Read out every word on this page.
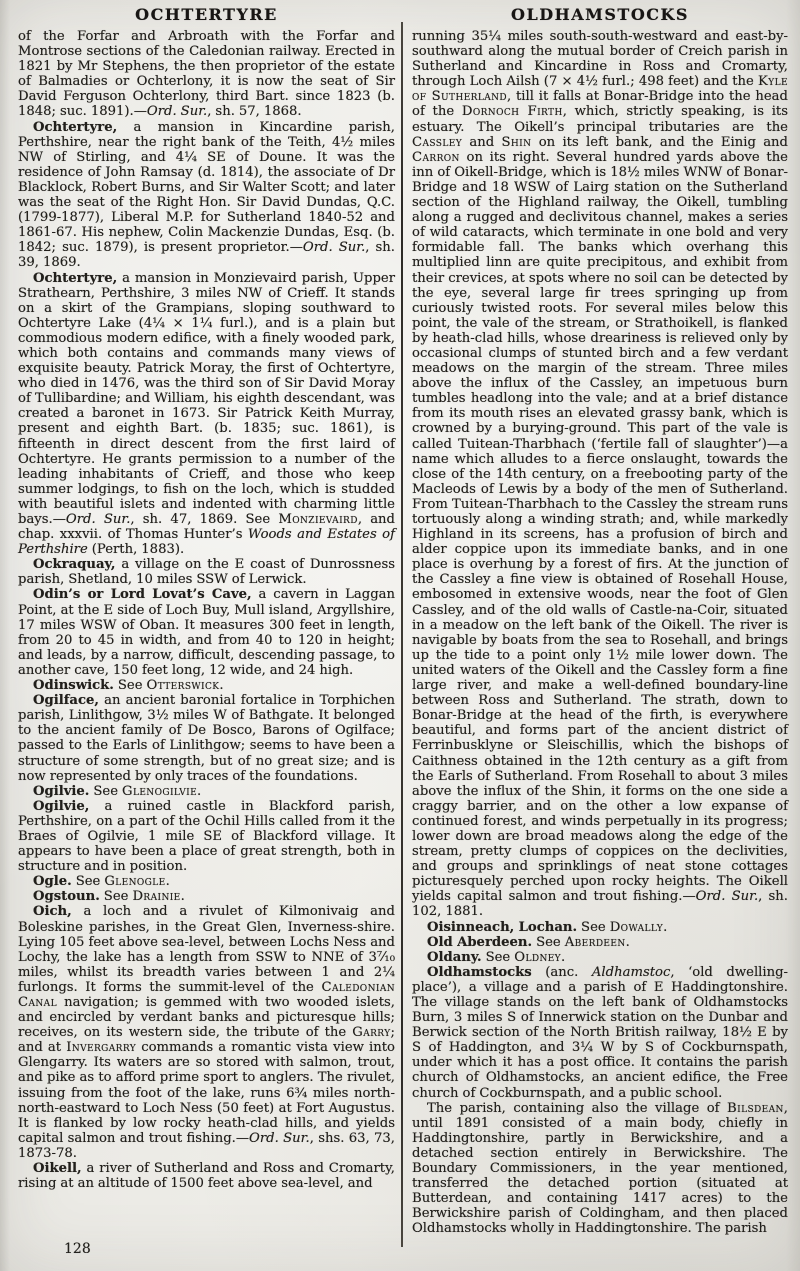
OCHTERTYRE

of the Forfar and Arbroath with the Forfar and Montrose sections of the Caledonian railway. Erected in 1821 by Mr Stephens, the then proprietor of the estate of Balmadies or Ochterlony, it is now the seat of Sir David Ferguson Ochterlony, third Bart. since 1823 (b. 1848; suc. 1891).—Ord. Sur., sh. 57, 1868.

Ochtertyre, a mansion in Kincardine parish, Perthshire, near the right bank of the Teith, 4½ miles NW of Stirling, and 4¼ SE of Doune. It was the residence of John Ramsay (d. 1814), the associate of Dr Blacklock, Robert Burns, and Sir Walter Scott; and later was the seat of the Right Hon. Sir David Dundas, Q.C. (1799-1877), Liberal M.P. for Sutherland 1840-52 and 1861-67. His nephew, Colin Mackenzie Dundas, Esq. (b. 1842; suc. 1879), is present proprietor.—Ord. Sur., sh. 39, 1869.

Ochtertyre, a mansion in Monzievaird parish, Upper Strathearn, Perthshire, 3 miles NW of Crieff. It stands on a skirt of the Grampians, sloping southward to Ochtertyre Lake (4¼ × 1¼ furl.), and is a plain but commodious modern edifice, with a finely wooded park, which both contains and commands many views of exquisite beauty. Patrick Moray, the first of Ochtertyre, who died in 1476, was the third son of Sir David Moray of Tullibardine; and William, his eighth descendant, was created a baronet in 1673. Sir Patrick Keith Murray, present and eighth Bart. (b. 1835; suc. 1861), is fifteenth in direct descent from the first laird of Ochtertyre. He grants permission to a number of the leading inhabitants of Crieff, and those who keep summer lodgings, to fish on the loch, which is studded with beautiful islets and indented with charming little bays.—Ord. Sur., sh. 47, 1869. See Monzievaird, and chap. xxxvii. of Thomas Hunter’s Woods and Estates of Perthshire (Perth, 1883).

Ockraquay, a village on the E coast of Dunrossness parish, Shetland, 10 miles SSW of Lerwick.

Odin’s or Lord Lovat’s Cave, a cavern in Laggan Point, at the E side of Loch Buy, Mull island, Argyllshire, 17 miles WSW of Oban. It measures 300 feet in length, from 20 to 45 in width, and from 40 to 120 in height; and leads, by a narrow, difficult, descending passage, to another cave, 150 feet long, 12 wide, and 24 high.

Odinswick. See Otterswick.

Ogilface, an ancient baronial fortalice in Torphichen parish, Linlithgow, 3½ miles W of Bathgate. It belonged to the ancient family of De Bosco, Barons of Ogilface; passed to the Earls of Linlithgow; seems to have been a structure of some strength, but of no great size; and is now represented by only traces of the foundations.

Ogilvie. See Glenogilvie.

Ogilvie, a ruined castle in Blackford parish, Perthshire, on a part of the Ochil Hills called from it the Braes of Ogilvie, 1 mile SE of Blackford village. It appears to have been a place of great strength, both in structure and in position.

Ogle. See Glenogle.

Ogstoun. See Drainie.

Oich, a loch and a rivulet of Kilmonivaig and Boleskine parishes, in the Great Glen, Inverness-shire. Lying 105 feet above sea-level, between Lochs Ness and Lochy, the lake has a length from SSW to NNE of 3⁷⁄₁₀ miles, whilst its breadth varies between 1 and 2¼ furlongs. It forms the summit-level of the Caledonian Canal navigation; is gemmed with two wooded islets, and encircled by verdant banks and picturesque hills; receives, on its western side, the tribute of the Garry; and at Invergarry commands a romantic vista view into Glengarry. Its waters are so stored with salmon, trout, and pike as to afford prime sport to anglers. The rivulet, issuing from the foot of the lake, runs 6¾ miles north-north-eastward to Loch Ness (50 feet) at Fort Augustus. It is flanked by low rocky heath-clad hills, and yields capital salmon and trout fishing.—Ord. Sur., shs. 63, 73, 1873-78.

Oikell, a river of Sutherland and Ross and Cromarty, rising at an altitude of 1500 feet above sea-level, and

OLDHAMSTOCKS

running 35¼ miles south-south-westward and east-by-southward along the mutual border of Creich parish in Sutherland and Kincardine in Ross and Cromarty, through Loch Ailsh (7 × 4½ furl.; 498 feet) and the Kyle of Sutherland, till it falls at Bonar-Bridge into the head of the Dornoch Firth, which, strictly speaking, is its estuary. The Oikell’s principal tributaries are the Cassley and Shin on its left bank, and the Einig and Carron on its right. Several hundred yards above the inn of Oikell-Bridge, which is 18½ miles WNW of Bonar-Bridge and 18 WSW of Lairg station on the Sutherland section of the Highland railway, the Oikell, tumbling along a rugged and declivitous channel, makes a series of wild cataracts, which terminate in one bold and very formidable fall. The banks which overhang this multiplied linn are quite precipitous, and exhibit from their crevices, at spots where no soil can be detected by the eye, several large fir trees springing up from curiously twisted roots. For several miles below this point, the vale of the stream, or Strathoikell, is flanked by heath-clad hills, whose dreariness is relieved only by occasional clumps of stunted birch and a few verdant meadows on the margin of the stream. Three miles above the influx of the Cassley, an impetuous burn tumbles headlong into the vale; and at a brief distance from its mouth rises an elevated grassy bank, which is crowned by a burying-ground. This part of the vale is called Tuitean-Tharbhach (‘fertile fall of slaughter’)—a name which alludes to a fierce onslaught, towards the close of the 14th century, on a freebooting party of the Macleods of Lewis by a body of the men of Sutherland. From Tuitean-Tharbhach to the Cassley the stream runs tortuously along a winding strath; and, while markedly Highland in its screens, has a profusion of birch and alder coppice upon its immediate banks, and in one place is overhung by a forest of firs. At the junction of the Cassley a fine view is obtained of Rosehall House, embosomed in extensive woods, near the foot of Glen Cassley, and of the old walls of Castle-na-Coir, situated in a meadow on the left bank of the Oikell. The river is navigable by boats from the sea to Rosehall, and brings up the tide to a point only 1½ mile lower down. The united waters of the Oikell and the Cassley form a fine large river, and make a well-defined boundary-line between Ross and Sutherland. The strath, down to Bonar-Bridge at the head of the firth, is everywhere beautiful, and forms part of the ancient district of Ferrinbusklyne or Sleischillis, which the bishops of Caithness obtained in the 12th century as a gift from the Earls of Sutherland. From Rosehall to about 3 miles above the influx of the Shin, it forms on the one side a craggy barrier, and on the other a low expanse of continued forest, and winds perpetually in its progress; lower down are broad meadows along the edge of the stream, pretty clumps of coppices on the declivities, and groups and sprinklings of neat stone cottages picturesquely perched upon rocky heights. The Oikell yields capital salmon and trout fishing.—Ord. Sur., sh. 102, 1881.

Oisinneach, Lochan. See Dowally.

Old Aberdeen. See Aberdeen.

Oldany. See Oldney.

Oldhamstocks (anc. Aldhamstoc, ‘old dwelling-place’), a village and a parish of E Haddingtonshire. The village stands on the left bank of Oldhamstocks Burn, 3 miles S of Innerwick station on the Dunbar and Berwick section of the North British railway, 18½ E by S of Haddington, and 3¼ W by S of Cockburnspath, under which it has a post office. It contains the parish church of Oldhamstocks, an ancient edifice, the Free church of Cockburnspath, and a public school.

The parish, containing also the village of Bilsdean, until 1891 consisted of a main body, chiefly in Haddingtonshire, partly in Berwickshire, and a detached section entirely in Berwickshire. The Boundary Commissioners, in the year mentioned, transferred the detached portion (situated at Butterdean, and containing 1417 acres) to the Berwickshire parish of Coldingham, and then placed Oldhamstocks wholly in Haddingtonshire. The parish

128
